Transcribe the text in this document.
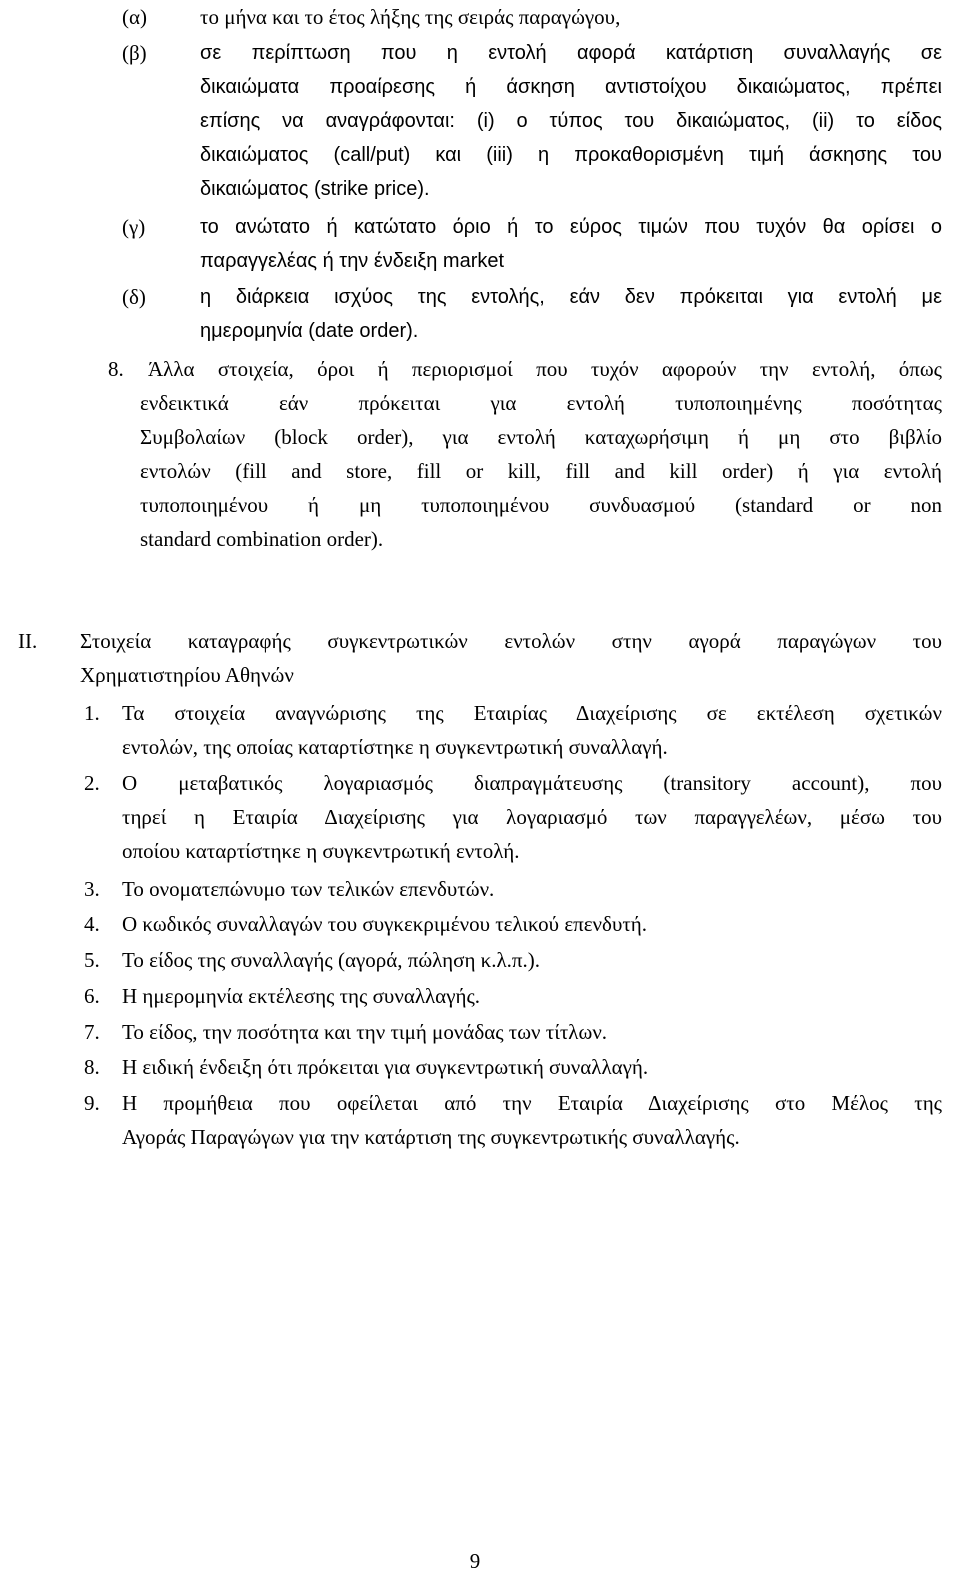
(α)	το μήνα και το έτος λήξης της σειράς παραγώγου,
(β)	σε περίπτωση που η εντολή αφορά κατάρτιση συναλλαγής σε
δικαιώματα προαίρεσης ή άσκηση αντιστοίχου δικαιώματος, πρέπει
επίσης να αναγράφονται: (i) ο τύπος του δικαιώματος, (ii) το είδος
δικαιώματος (call/put) και (iii) η προκαθορισμένη τιμή άσκησης του
δικαιώματος (strike price).
(γ)	το ανώτατο ή κατώτατο όριο ή το εύρος τιμών που τυχόν θα ορίσει ο
παραγγελέας ή την ένδειξη market
(δ)	η διάρκεια ισχύος της εντολής, εάν δεν πρόκειται για εντολή με
ημερομηνία (date order).
8.	Άλλα στοιχεία, όροι ή περιορισμοί που τυχόν αφορούν την εντολή, όπως
ενδεικτικά εάν πρόκειται για εντολή τυποποιημένης ποσότητας
Συμβολαίων (block order), για εντολή καταχωρήσιμη ή μη στο βιβλίο
εντολών (fill and store, fill or kill, fill and kill order) ή για εντολή
τυποποιημένου ή μη τυποποιημένου συνδυασμού (standard or non
standard combination order).
ΙΙ. Στοιχεία καταγραφής συγκεντρωτικών εντολών στην αγορά παραγώγων του
Χρηματιστηρίου Αθηνών
1.	Τα στοιχεία αναγνώρισης της Εταιρίας Διαχείρισης σε εκτέλεση σχετικών
εντολών, της οποίας καταρτίστηκε η συγκεντρωτική συναλλαγή.
2.	Ο μεταβατικός λογαριασμός διαπραγμάτευσης (transitory account), που
τηρεί η Εταιρία Διαχείρισης για λογαριασμό των παραγγελέων, μέσω του
οποίου καταρτίστηκε η συγκεντρωτική εντολή.
3.	Το ονοματεπώνυμο των τελικών επενδυτών.
4.	Ο κωδικός συναλλαγών του συγκεκριμένου τελικού επενδυτή.
5.	Το είδος της συναλλαγής (αγορά, πώληση κ.λ.π.).
6.	Η ημερομηνία εκτέλεσης της συναλλαγής.
7.	Το είδος, την ποσότητα και την τιμή μονάδας των τίτλων.
8.	Η ειδική ένδειξη ότι πρόκειται για συγκεντρωτική συναλλαγή.
9.	Η προμήθεια που οφείλεται από την Εταιρία Διαχείρισης στο Μέλος της
Αγοράς Παραγώγων για την κατάρτιση της συγκεντρωτικής συναλλαγής.
9
